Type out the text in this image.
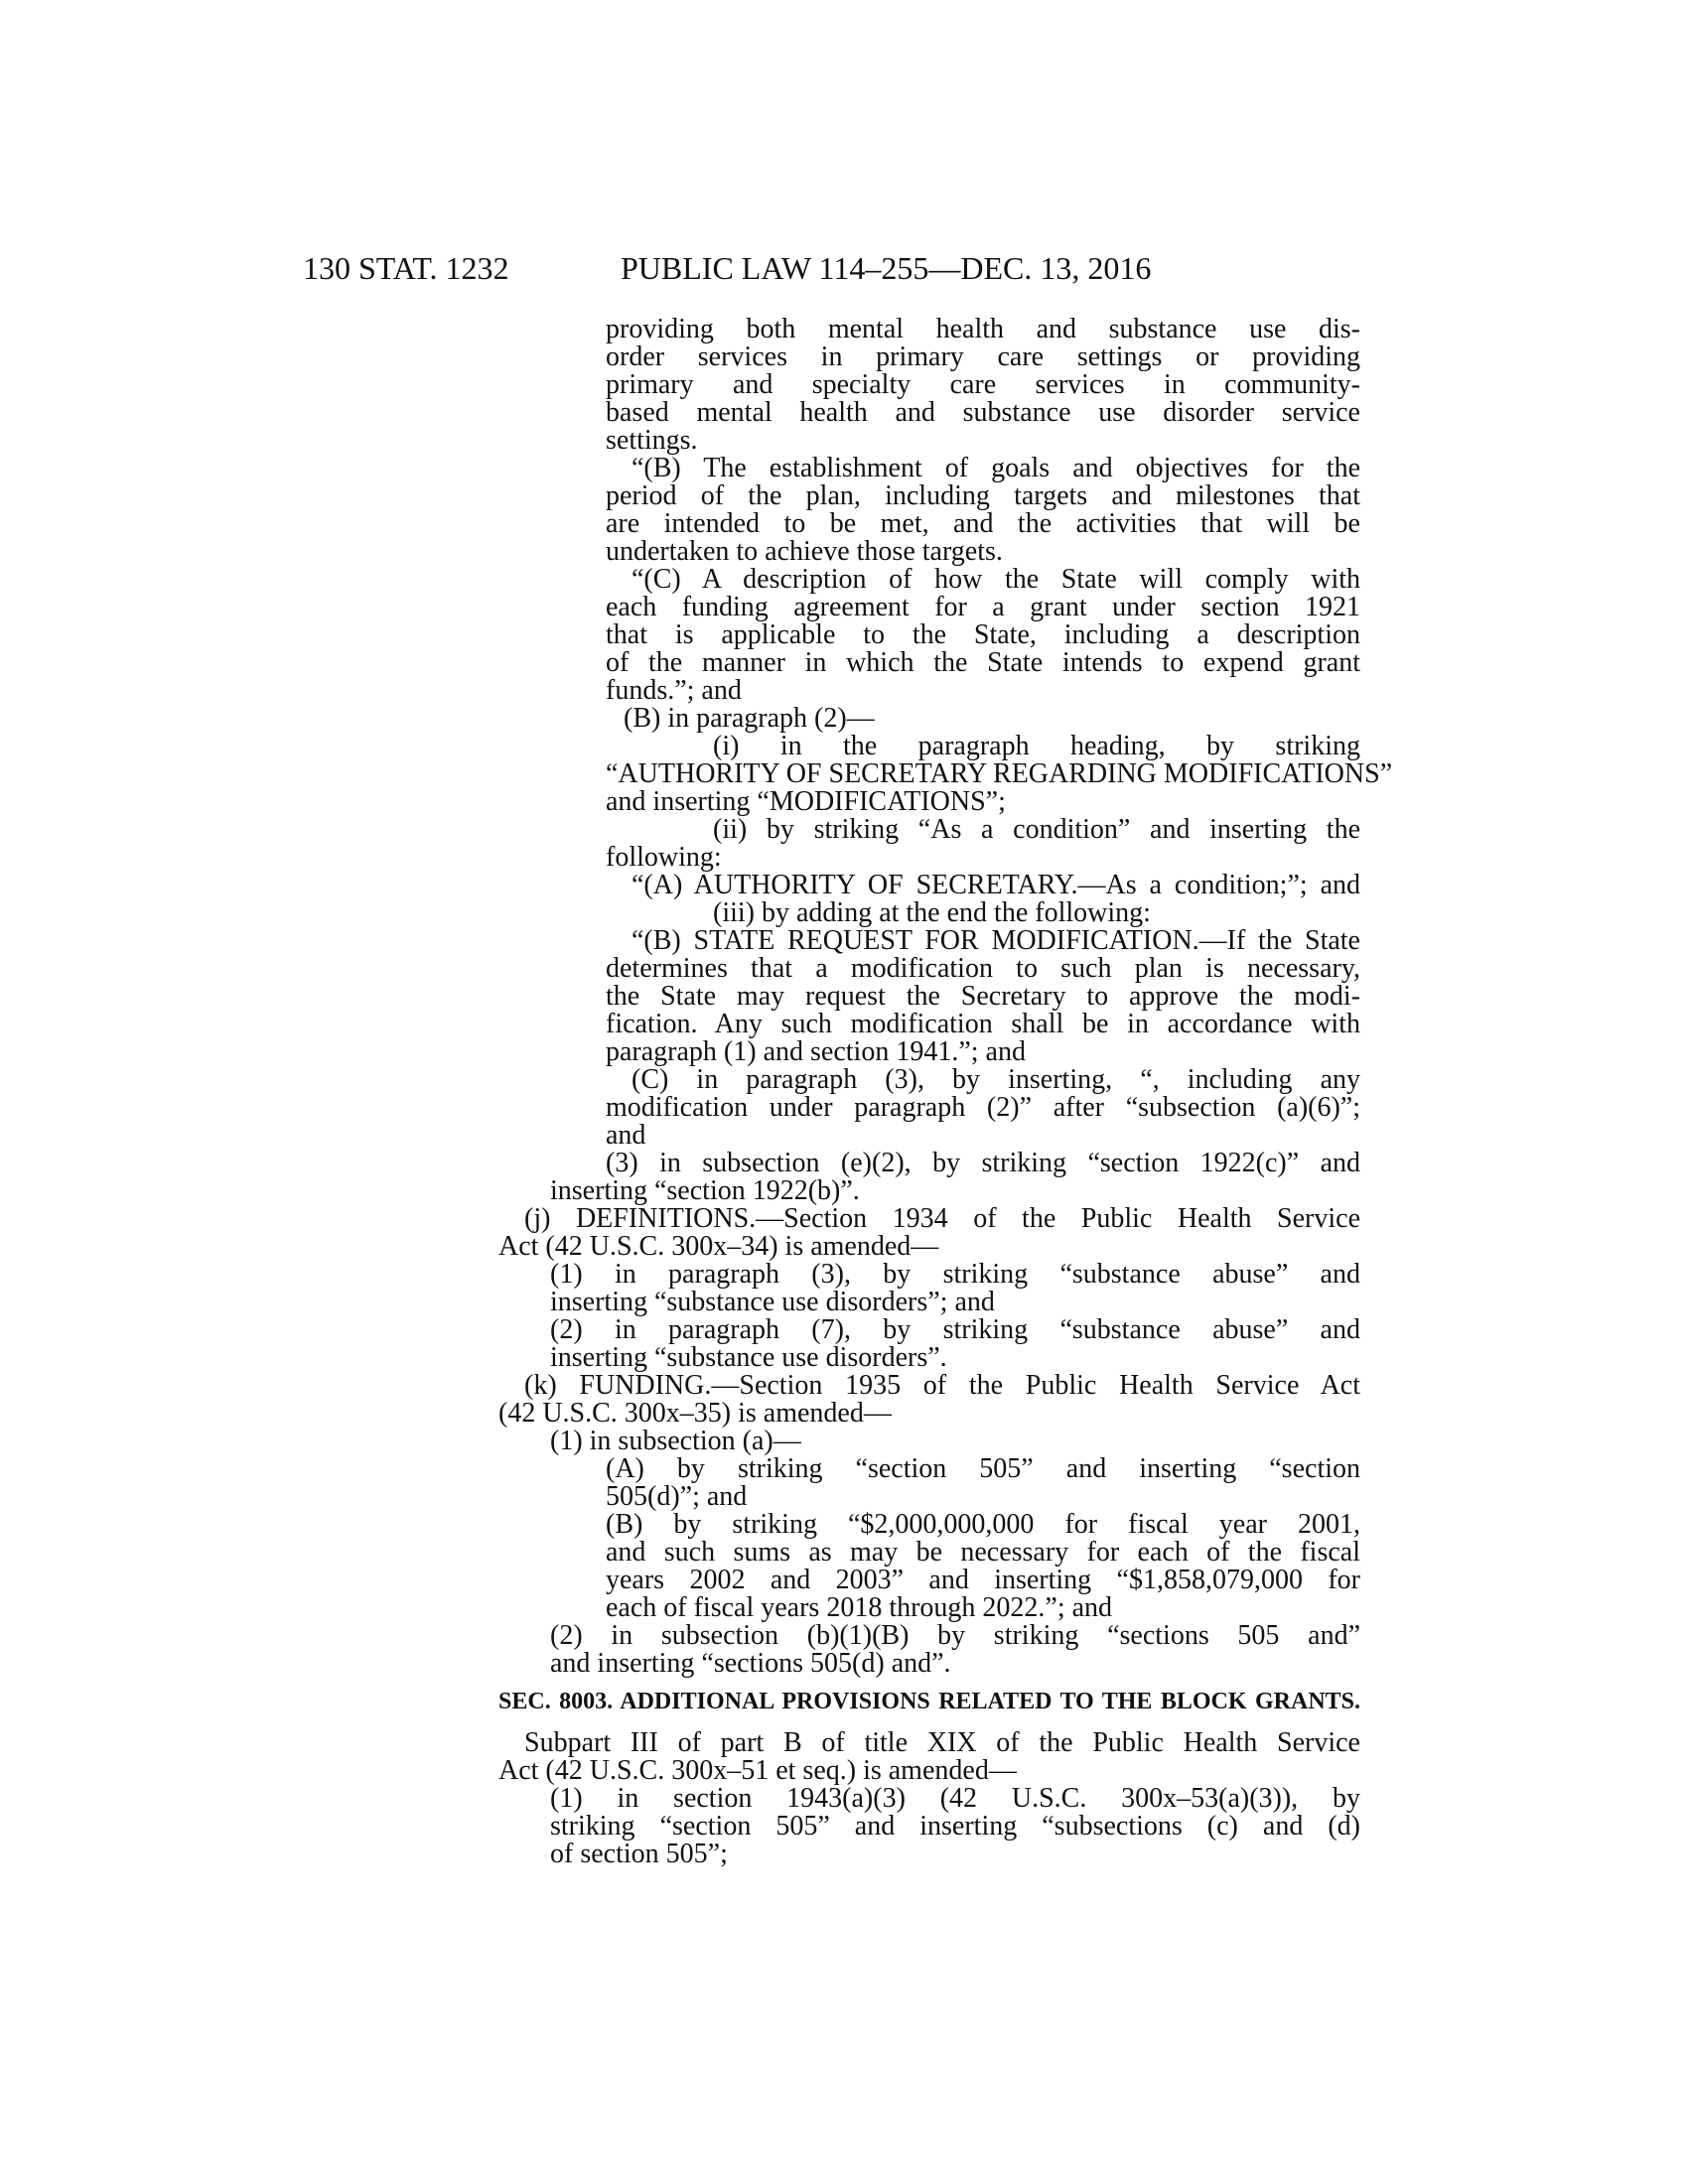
130 STAT. 1232	PUBLIC LAW 114–255—DEC. 13, 2016
providing both mental health and substance use dis-
order services in primary care settings or providing
primary and specialty care services in community-
based mental health and substance use disorder service
settings.
“(B) The establishment of goals and objectives for the
period of the plan, including targets and milestones that
are intended to be met, and the activities that will be
undertaken to achieve those targets.
“(C) A description of how the State will comply with
each funding agreement for a grant under section 1921
that is applicable to the State, including a description
of the manner in which the State intends to expend grant
funds.”; and
(B) in paragraph (2)—
(i) in the paragraph heading, by striking
“AUTHORITY OF SECRETARY REGARDING MODIFICATIONS”
and inserting “MODIFICATIONS”;
(ii) by striking “As a condition” and inserting the
following:
“(A) AUTHORITY OF SECRETARY.—As a condition;”; and
(iii) by adding at the end the following:
“(B) STATE REQUEST FOR MODIFICATION.—If the State
determines that a modification to such plan is necessary,
the State may request the Secretary to approve the modi-
fication. Any such modification shall be in accordance with
paragraph (1) and section 1941.”; and
(C) in paragraph (3), by inserting, “, including any
modification under paragraph (2)” after “subsection (a)(6)”;
and
(3) in subsection (e)(2), by striking “section 1922(c)” and
inserting “section 1922(b)”.
(j) DEFINITIONS.—Section 1934 of the Public Health Service
Act (42 U.S.C. 300x–34) is amended—
(1) in paragraph (3), by striking “substance abuse” and
inserting “substance use disorders”; and
(2) in paragraph (7), by striking “substance abuse” and
inserting “substance use disorders”.
(k) FUNDING.—Section 1935 of the Public Health Service Act
(42 U.S.C. 300x–35) is amended—
(1) in subsection (a)—
(A) by striking “section 505” and inserting “section
505(d)”; and
(B) by striking “$2,000,000,000 for fiscal year 2001,
and such sums as may be necessary for each of the fiscal
years 2002 and 2003” and inserting “$1,858,079,000 for
each of fiscal years 2018 through 2022.”; and
(2) in subsection (b)(1)(B) by striking “sections 505 and”
and inserting “sections 505(d) and”.
SEC. 8003. ADDITIONAL PROVISIONS RELATED TO THE BLOCK GRANTS.
Subpart III of part B of title XIX of the Public Health Service
Act (42 U.S.C. 300x–51 et seq.) is amended—
(1) in section 1943(a)(3) (42 U.S.C. 300x–53(a)(3)), by
striking “section 505” and inserting “subsections (c) and (d)
of section 505”;
